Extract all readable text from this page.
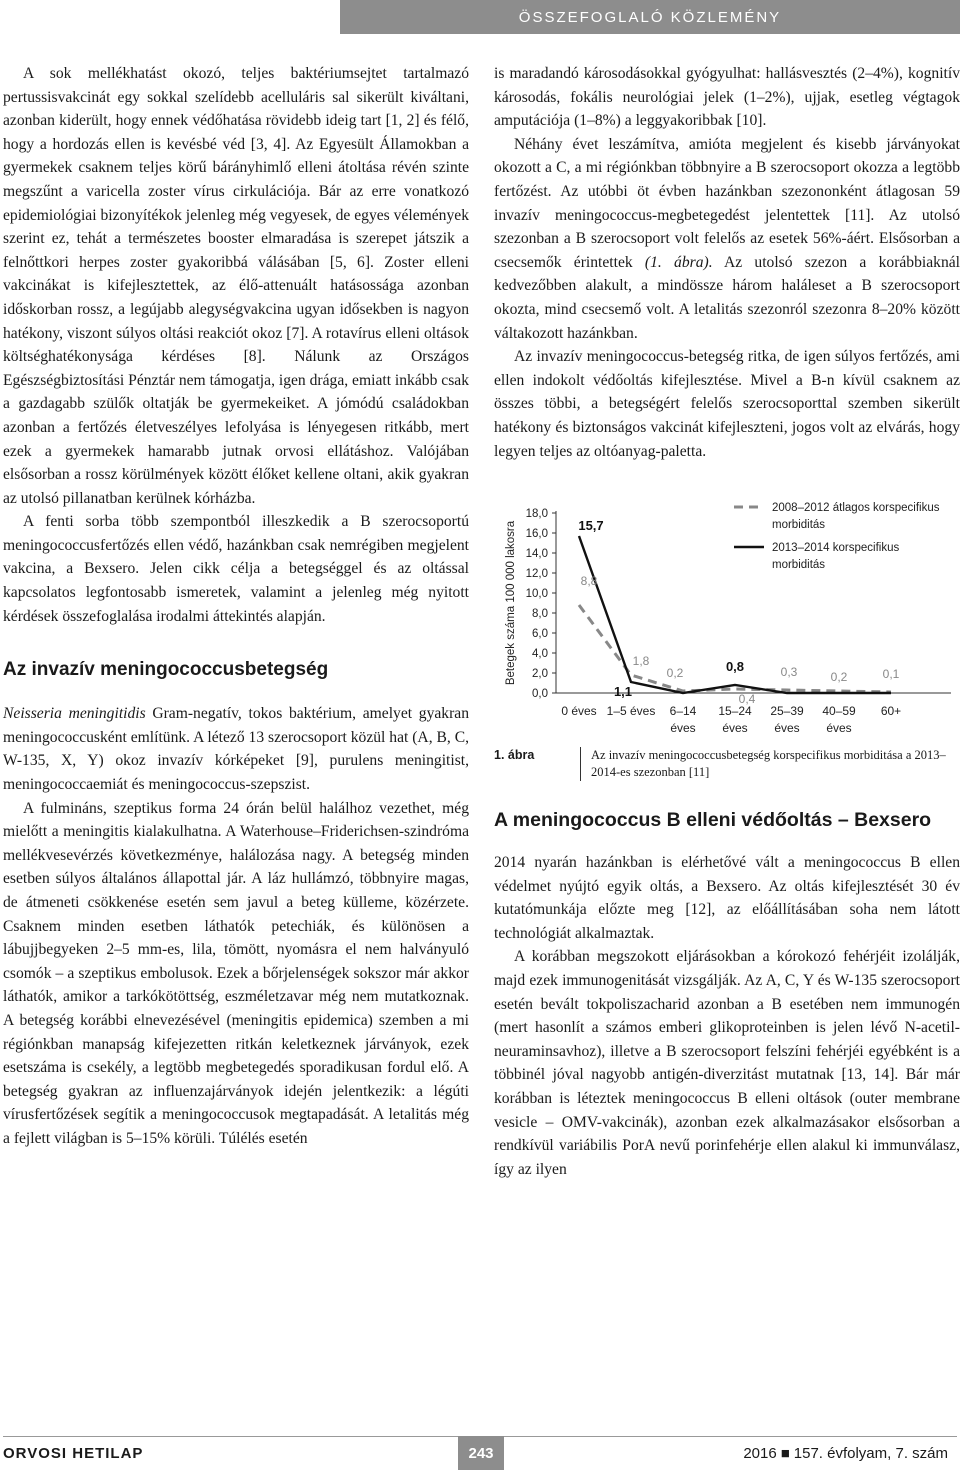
ÖSSZEFOGLALÓ KÖZLEMÉNY

A sok mellékhatást okozó, teljes baktériumsejtet tartalmazó pertussisvakcinát egy sokkal szelídebb acelluláris sal sikerült kiváltani, azonban kiderült, hogy ennek védőhatása rövidebb ideig tart [1, 2] és félő, hogy a hordozás ellen is kevésbé véd [3, 4]. Az Egyesült Államokban a gyermekek csaknem teljes körű bárányhimlő elleni átoltása révén szinte megszűnt a varicella zoster vírus cirkulációja. Bár az erre vonatkozó epidemiológiai bizonyítékok jelenleg még vegyesek, de egyes vélemények szerint ez, tehát a természetes booster elmaradása is szerepet játszik a felnőttkori herpes zoster gyakoribbá válásában [5, 6]. Zoster elleni vakcinákat is kifejlesztettek, az élő-attenuált hatásossága azonban időskorban rossz, a legújabb alegységvakcina ugyan idősekben is nagyon hatékony, viszont súlyos oltási reakciót okoz [7]. A rotavírus elleni oltások költséghatékonysága kérdéses [8]. Nálunk az Országos Egészségbiztosítási Pénztár nem támogatja, igen drága, emiatt inkább csak a gazdagabb szülők oltatják be gyermekeiket. A jómódú családokban azonban a fertőzés életveszélyes lefolyása is lényegesen ritkább, mert ezek a gyermekek hamarabb jutnak orvosi ellátáshoz. Valójában elsősorban a rossz körülmények között élőket kellene oltani, akik gyakran az utolsó pillanatban kerülnek kórházba.

A fenti sorba több szempontból illeszkedik a B szerocsoportú meningococcusfertőzés ellen védő, hazánkban csak nemrégiben megjelent vakcina, a Bexsero. Jelen cikk célja a betegséggel és az oltással kapcsolatos legfontosabb ismeretek, valamint a jelenleg még nyitott kérdések összefoglalása irodalmi áttekintés alapján.

Az invazív meningococcusbetegség

Neisseria meningitidis Gram-negatív, tokos baktérium, amelyet gyakran meningococcusként említünk. A létező 13 szerocsoport közül hat (A, B, C, W-135, X, Y) okoz invazív kórképeket [9], purulens meningitist, meningococcaemiát és meningococcus-szepszist.

A fulmináns, szeptikus forma 24 órán belül halálhoz vezethet, még mielőtt a meningitis kialakulhatna. A Waterhouse–Friderichsen-szindróma mellékvesevérzés következménye, halálozása nagy. A betegség minden esetben súlyos általános állapottal jár. A láz hullámzó, többnyire magas, de átmeneti csökkenése esetén sem javul a beteg külleme, közérzete. Csaknem minden esetben láthatók petechiák, és különösen a lábujjbegyeken 2–5 mm-es, lila, tömött, nyomásra el nem halványuló csomók – a szeptikus embolusok. Ezek a bőrjelenségek sokszor már akkor láthatók, amikor a tarkókötöttség, eszméletzavar még nem mutatkoznak. A betegség korábbi elnevezésével (meningitis epidemica) szemben a mi régiónkban manapság kifejezetten ritkán keletkeznek járványok, ezek esetszáma is csekély, a legtöbb megbetegedés sporadikusan fordul elő. A betegség gyakran az influenzajárványok idején jelentkezik: a légúti vírusfertőzések segítik a meningococcusok megtapadását. A letalitás még a fejlett világban is 5–15% körüli. Túlélés esetén

is maradandó károsodásokkal gyógyulhat: hallásvesztés (2–4%), kognitív károsodás, fokális neurológiai jelek (1–2%), ujjak, esetleg végtagok amputációja (1–8%) a leggyakoribbak [10].

Néhány évet leszámítva, amióta megjelent és kisebb járványokat okozott a C, a mi régiónkban többnyire a B szerocsoport okozza a legtöbb fertőzést. Az utóbbi öt évben hazánkban szezononként átlagosan 59 invazív meningococcus-megbetegedést jelentettek [11]. Az utolsó szezonban a B szerocsoport volt felelős az esetek 56%-áért. Elsősorban a csecsemők érintettek (1. ábra). Az utolsó szezon a korábbiaknál kedvezőbben alakult, a mindössze három haláleset a B szerocsoport okozta, mind csecsemő volt. A letalitás szezonról szezonra 8–20% között váltakozott hazánkban.

Az invazív meningococcus-betegség ritka, de igen súlyos fertőzés, ami ellen indokolt védőoltás kifejlesztése. Mivel a B-n kívül csaknem az összes többi, a betegségért felelős szerocsoporttal szemben sikerült hatékony és biztonságos vakcinát kifejleszteni, jogos volt az elvárás, hogy legyen teljes az oltóanyag-paletta.

Betegek száma 100 000 lakosra
0,0
2,0
4,0
6,0
8,0
10,0
12,0
14,0
16,0
18,0
0 éves 1–5 éves 6–14
éves
15–24
éves
25–39
éves
40–59
éves
60+
8,8
1,8
0,2
0,4
0,3	0,2	0,1
15,7
1,1
0,8
2008–2012 átlagos korspecifikus
morbiditás
2013–2014 korspecifikus
morbiditás
1. ábra	Az invazív meningococcusbetegség korspecifikus morbiditása a 2013–2014-es szezonban [11]
A meningococcus B elleni védőoltás – Bexsero

2014 nyarán hazánkban is elérhetővé vált a meningococcus B ellen védelmet nyújtó egyik oltás, a Bexsero. Az oltás kifejlesztését 30 év kutatómunkája előzte meg [12], az előállításában soha nem látott technológiát alkalmaztak.

A korábban megszokott eljárásokban a kórokozó fehérjéit izolálják, majd ezek immunogenitását vizsgálják. Az A, C, Y és W-135 szerocsoport esetén bevált tokpoliszacharid azonban a B esetében nem immunogén (mert hasonlít a számos emberi glikoproteinben is jelen lévő N-acetil-neuraminsavhoz), illetve a B szerocsoport felszíni fehérjéi egyébként is a többinél jóval nagyobb antigén-diverzitást mutatnak [13, 14]. Bár már korábban is léteztek meningococcus B elleni oltások (outer membrane vesicle – OMV-vakcinák), azonban ezek alkalmazásakor elsősorban a rendkívül variábilis PorA nevű porinfehérje ellen alakul ki immunválasz, így az ilyen

ORVOSI HETILAP	243	2016 ■ 157. évfolyam, 7. szám
